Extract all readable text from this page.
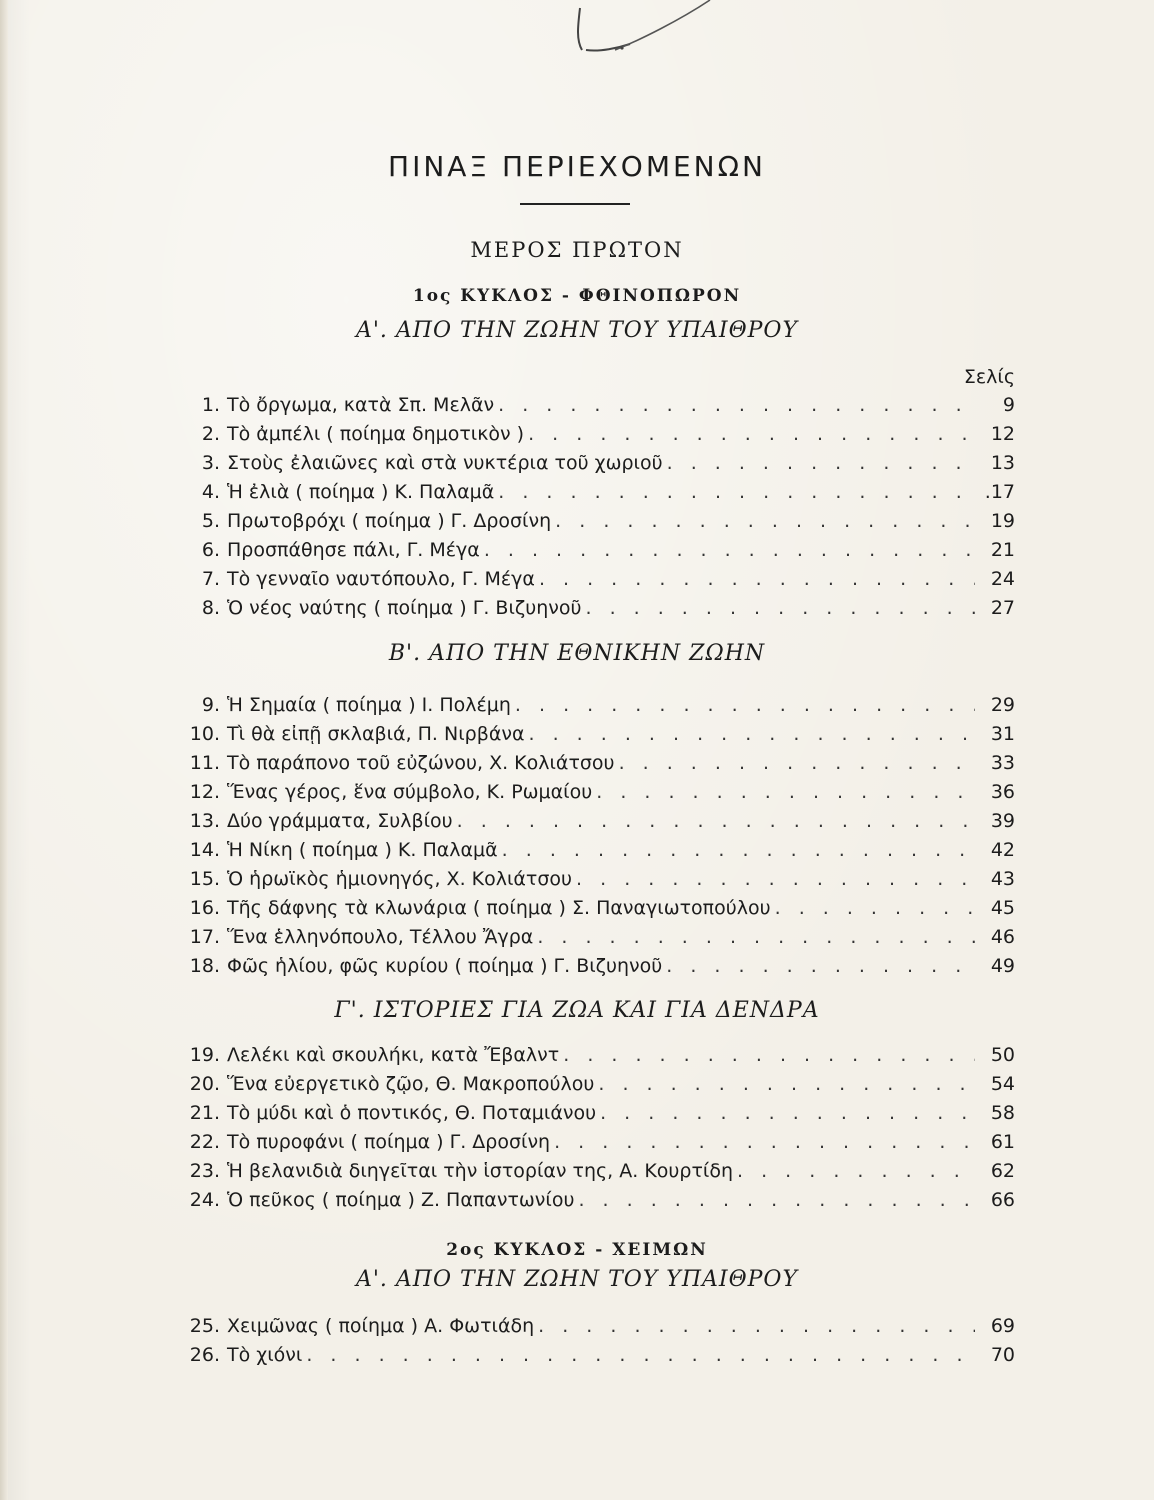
ΠΙΝΑΞ ΠΕΡΙΕΧΟΜΕΝΩΝ
ΜΕΡΟΣ ΠΡΩΤΟΝ
1ος ΚΥΚΛΟΣ - ΦΘΙΝΟΠΩΡΟΝ
Α'. ΑΠΟ ΤΗΝ ΖΩΗΝ ΤΟΥ ΥΠΑΙΘΡΟΥ
Σελίς
1. Τὸ ὄργωμα, κατὰ Σπ. Μελᾶν . . .	9
2. Τὸ ἀμπέλι ( ποίημα δημοτικὸν ) . . .	12
3. Στοὺς ἐλαιῶνες καὶ στὰ νυκτέρια τοῦ χωριοῦ . . .	13
4. Ἡ ἐλιὰ ( ποίημα ) Κ. Παλαμᾶ . . .	.17
5. Πρωτοβρόχι ( ποίημα ) Γ. Δροσίνη . . .	19
6. Προσπάθησε πάλι, Γ. Μέγα . . .	21
7. Τὸ γενναῖο ναυτόπουλο, Γ. Μέγα . . .	24
8. Ὁ νέος ναύτης ( ποίημα ) Γ. Βιζυηνοῦ . . .	27
Β'. ΑΠΟ ΤΗΝ ΕΘΝΙΚΗΝ ΖΩΗΝ
9. Ἡ Σημαία ( ποίημα ) Ι. Πολέμη . . .	29
10. Τὶ θὰ εἰπῇ σκλαβιά, Π. Νιρβάνα . . .	31
11. Τὸ παράπονο τοῦ εὐζώνου, Χ. Κολιάτσου . . .	33
12. Ἕνας γέρος, ἕνα σύμβολο, Κ. Ρωμαίου . . .	36
13. Δύο γράμματα, Συλβίου . . .	39
14. Ἡ Νίκη ( ποίημα ) Κ. Παλαμᾶ . . .	42
15. Ὁ ἡρωϊκὸς ἡμιονηγός, Χ. Κολιάτσου . . .	43
16. Τῆς δάφνης τὰ κλωνάρια ( ποίημα ) Σ. Παναγιωτοπούλου . . .	45
17. Ἕνα ἑλληνόπουλο, Τέλλου Ἄγρα . . .	46
18. Φῶς ἡλίου, φῶς κυρίου ( ποίημα ) Γ. Βιζυηνοῦ . . .	49
Γ'. ΙΣΤΟΡΙΕΣ ΓΙΑ ΖΩΑ ΚΑΙ ΓΙΑ ΔΕΝΔΡΑ
19. Λελέκι καὶ σκουλήκι, κατὰ Ἔβαλντ . . .	50
20. Ἕνα εὐεργετικὸ ζῷο, Θ. Μακροπούλου . . .	54
21. Τὸ μύδι καὶ ὁ ποντικός, Θ. Ποταμιάνου . . .	58
22. Τὸ πυροφάνι ( ποίημα ) Γ. Δροσίνη . . .	61
23. Ἡ βελανιδιὰ διηγεῖται τὴν ἱστορίαν της, Α. Κουρτίδη . . .	62
24. Ὁ πεῦκος ( ποίημα ) Ζ. Παπαντωνίου . . .	66
2ος ΚΥΚΛΟΣ - ΧΕΙΜΩΝ
Α'. ΑΠΟ ΤΗΝ ΖΩΗΝ ΤΟΥ ΥΠΑΙΘΡΟΥ
25. Χειμῶνας ( ποίημα ) Α. Φωτιάδη . . .	69
26. Τὸ χιόνι . . .	70
